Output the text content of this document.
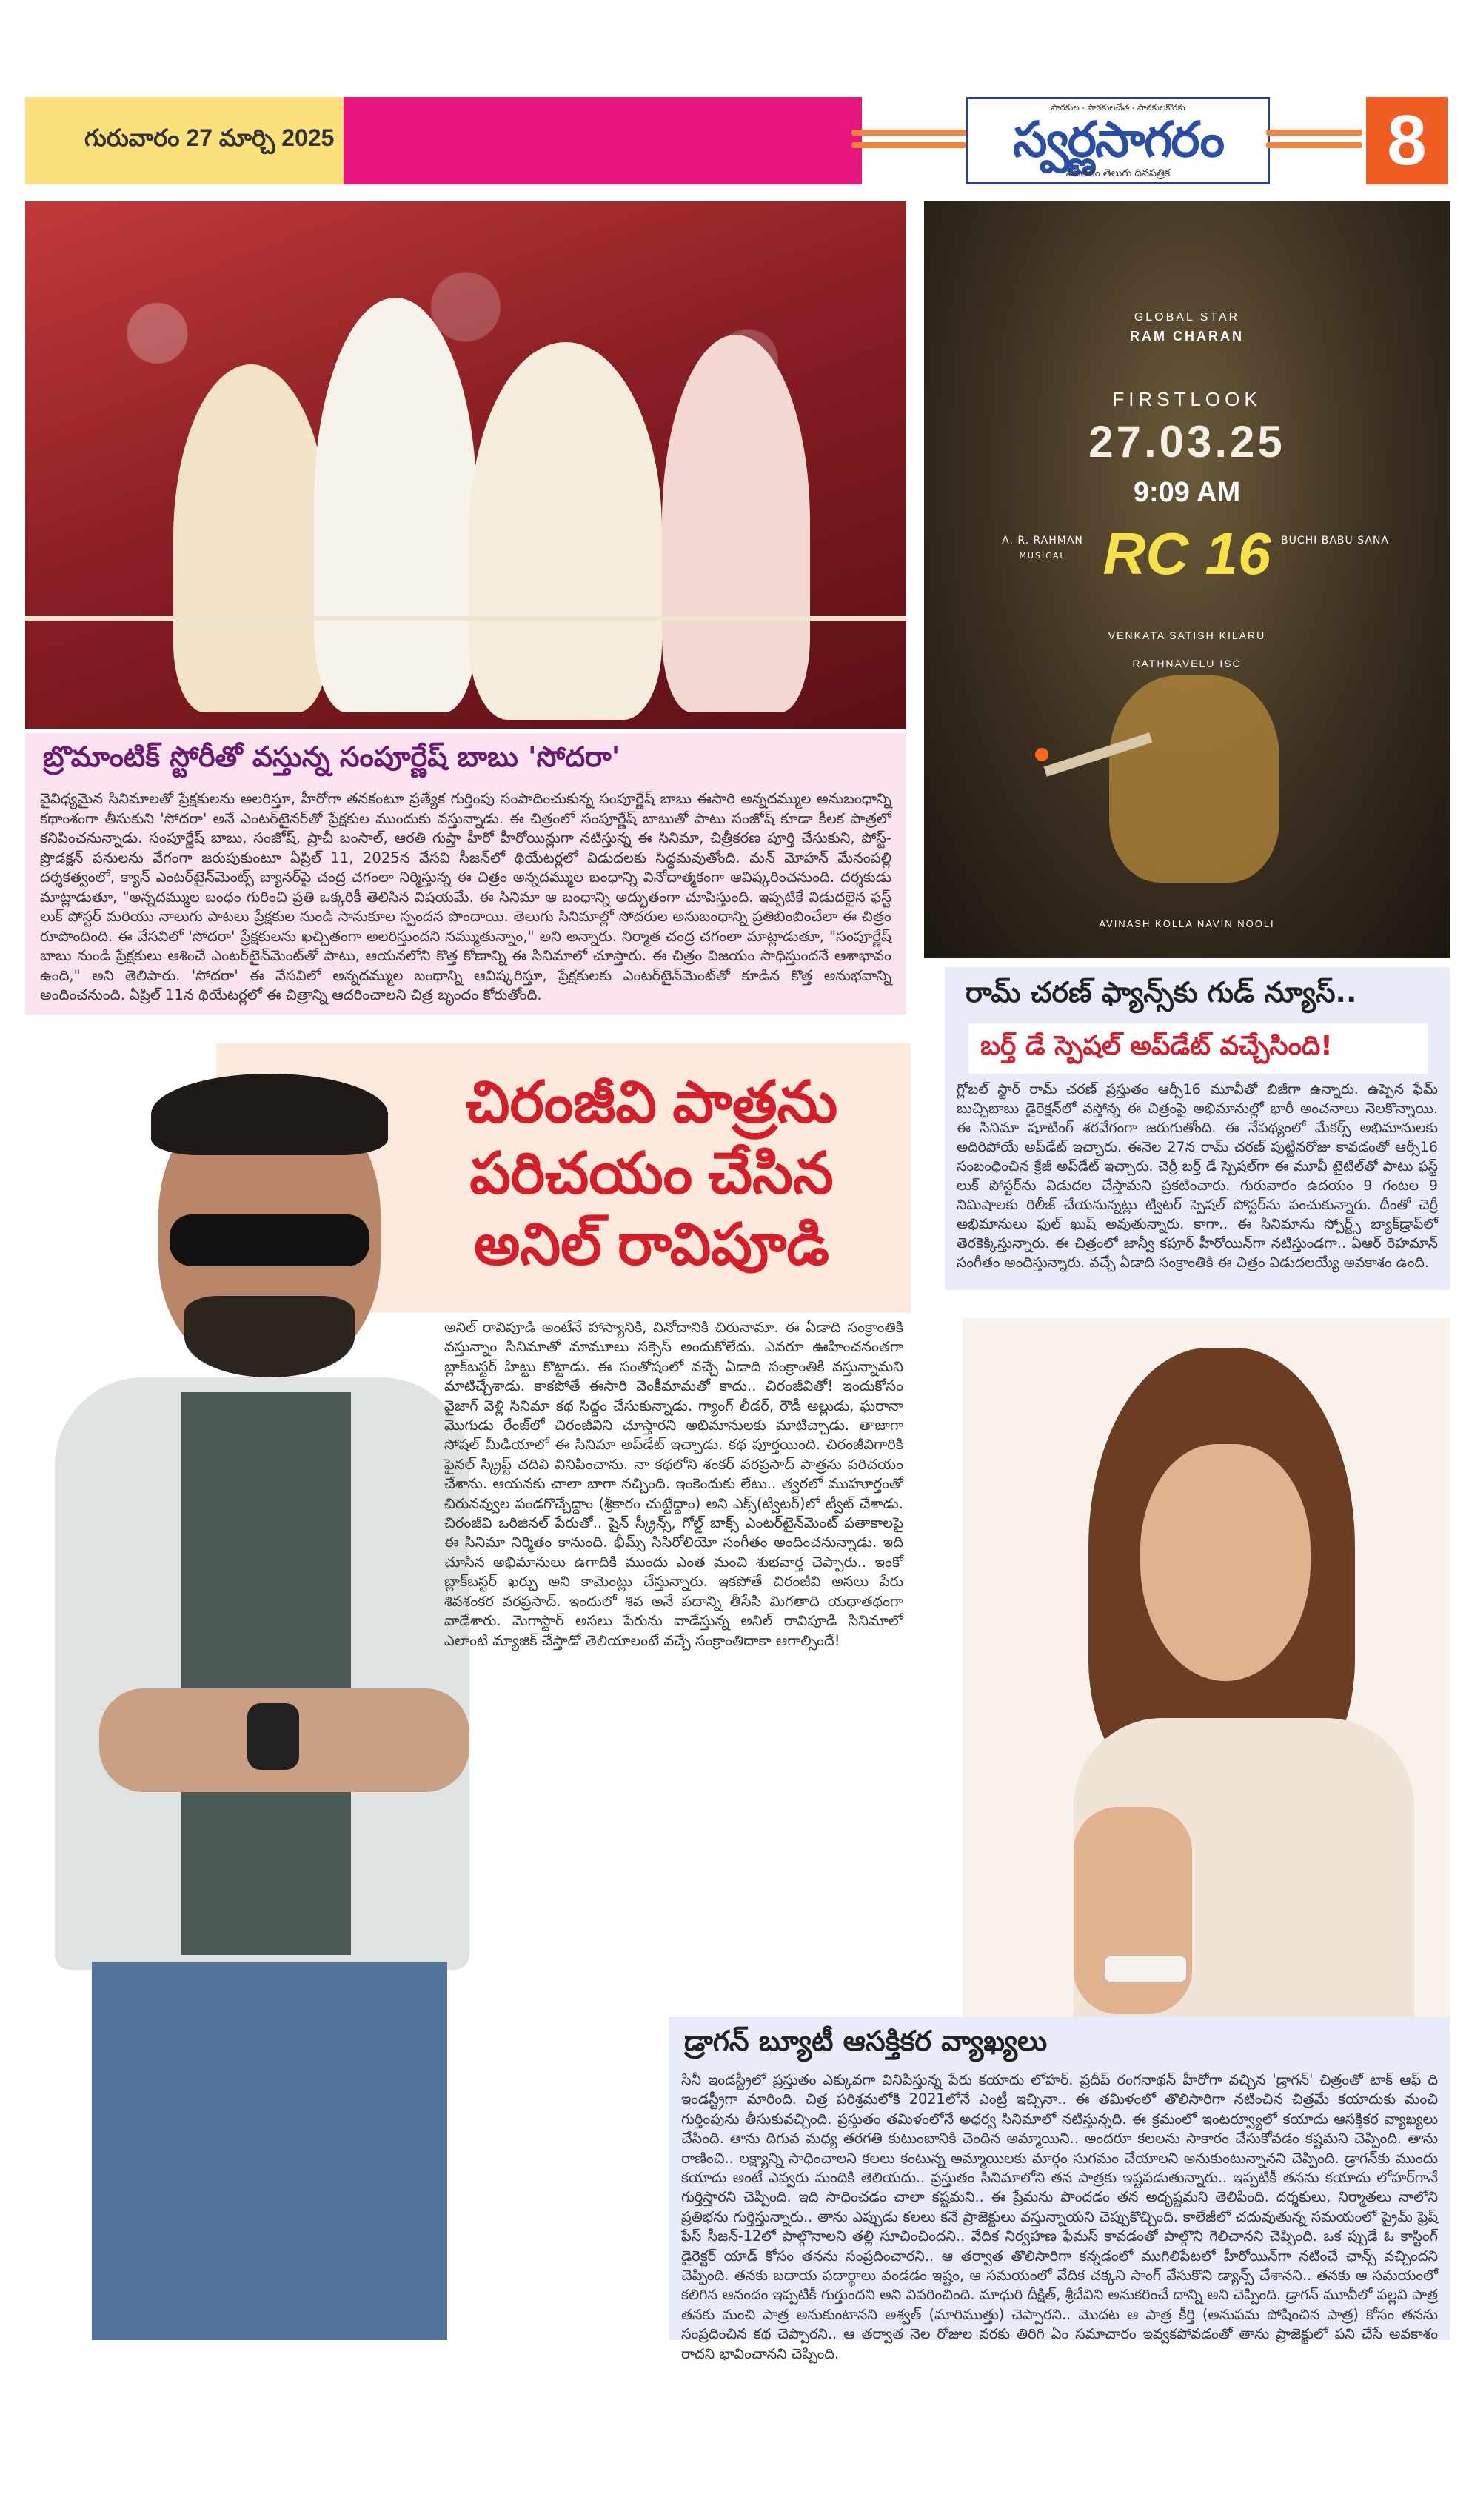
గురువారం 27 మార్చి 2025
పాఠకుల - పాఠకులచేత - పాఠకులకొరకు
స్వర్ణసాగరం
నవతరం తెలుగు దినపత్రిక	8
బ్రొమాంటిక్ స్టోరీతో వస్తున్న సంపూర్ణేష్ బాబు 'సోదరా'
వైవిధ్యమైన సినిమాలతో ప్రేక్షకులను అలరిస్తూ, హీరోగా తనకంటూ ప్రత్యేక గుర్తింపు సంపాదించుకున్న సంపూర్ణేష్ బాబు ఈసారి అన్నదమ్ముల అనుబంధాన్ని కథాంశంగా తీసుకుని 'సోదరా' అనే ఎంటర్‌టైనర్‌తో ప్రేక్షకుల ముందుకు వస్తున్నాడు. ఈ చిత్రంలో సంపూర్ణేష్ బాబుతో పాటు సంజోష్ కూడా కీలక పాత్రలో కనిపించనున్నాడు. సంపూర్ణేష్ బాబు, సంజోష్, ప్రాచీ బంసాల్, ఆరతి గుప్తా హీరో హీరోయిన్లుగా నటిస్తున్న ఈ సినిమా, చిత్రీకరణ పూర్తి చేసుకుని, పోస్ట్-ప్రొడక్షన్ పనులను వేగంగా జరుపుకుంటూ ఏప్రిల్ 11, 2025న వేసవి సీజన్‌లో థియేటర్లలో విడుదలకు సిద్ధమవుతోంది. మన్ మోహన్ మేనంపల్లి దర్శకత్వంలో, క్యాన్ ఎంటర్‌టైన్‌మెంట్స్ బ్యానర్‌పై చంద్ర చగంలా నిర్మిస్తున్న ఈ చిత్రం అన్నదమ్ముల బంధాన్ని వినోదాత్మకంగా ఆవిష్కరించనుంది. దర్శకుడు మాట్లాడుతూ, "అన్నదమ్ముల బంధం గురించి ప్రతి ఒక్కరికీ తెలిసిన విషయమే. ఈ సినిమా ఆ బంధాన్ని అద్భుతంగా చూపిస్తుంది. ఇప్పటికే విడుదలైన ఫస్ట్ లుక్ పోస్టర్ మరియు నాలుగు పాటలు ప్రేక్షకుల నుండి సానుకూల స్పందన పొందాయి. తెలుగు సినిమాల్లో సోదరుల అనుబంధాన్ని ప్రతిబింబించేలా ఈ చిత్రం రూపొందింది. ఈ వేసవిలో 'సోదరా' ప్రేక్షకులను ఖచ్చితంగా అలరిస్తుందని నమ్ముతున్నాం," అని అన్నారు. నిర్మాత చంద్ర చగంలా మాట్లాడుతూ, "సంపూర్ణేష్ బాబు నుండి ప్రేక్షకులు ఆశించే ఎంటర్‌టైన్‌మెంట్‌తో పాటు, ఆయనలోని కొత్త కోణాన్ని ఈ సినిమాలో చూస్తారు. ఈ చిత్రం విజయం సాధిస్తుందనే ఆశాభావం ఉంది," అని తెలిపారు. 'సోదరా' ఈ వేసవిలో అన్నదమ్ముల బంధాన్ని ఆవిష్కరిస్తూ, ప్రేక్షకులకు ఎంటర్‌టైన్‌మెంట్‌తో కూడిన కొత్త అనుభవాన్ని అందించనుంది. ఏప్రిల్ 11న థియేటర్లలో ఈ చిత్రాన్ని ఆదరించాలని చిత్ర బృందం కోరుతోంది.
GLOBAL STAR
RAM CHARAN
FIRSTLOOK
27.03.25
9:09 AM
A. R. RAHMAN
MUSICAL
BUCHI BABU SANA
RC 16
VENKATA SATISH KILARU
RATHNAVELU ISC
AVINASH KOLLA NAVIN NOOLI
రామ్ చరణ్ ఫ్యాన్స్‌కు గుడ్ న్యూస్..
బర్త్ డే స్పెషల్ అప్‌డేట్ వచ్చేసింది!
గ్లోబల్ స్టార్ రామ్ చరణ్ ప్రస్తుతం ఆర్సీ16 మూవీతో బిజీగా ఉన్నారు. ఉప్పెన ఫేమ్ బుచ్చిబాబు డైరెక్షన్‌లో వస్తోన్న ఈ చిత్రంపై అభిమానుల్లో భారీ అంచనాలు నెలకొన్నాయి. ఈ సినిమా షూటింగ్ శరవేగంగా జరుగుతోంది. ఈ నేపథ్యంలో మేకర్స్ అభిమానులకు అదిరిపోయే అప్‌డేట్ ఇచ్చారు. ఈనెల 27న రామ్ చరణ్ పుట్టినరోజు కావడంతో ఆర్సీ16 సంబంధించిన క్రేజీ అప్‌డేట్ ఇచ్చారు. చెర్రీ బర్త్ డే స్పెషల్‌గా ఈ మూవీ టైటిల్‌తో పాటు ఫస్ట్ లుక్ పోస్టర్‌ను విడుదల చేస్తామని ప్రకటించారు. గురువారం ఉదయం 9 గంటల 9 నిమిషాలకు రిలీజ్ చేయనున్నట్లు ట్విటర్ స్పెషల్ పోస్టర్‌ను పంచుకున్నారు. దీంతో చెర్రీ అభిమానులు ఫుల్ ఖుష్ అవుతున్నారు. కాగా.. ఈ సినిమాను స్పోర్ట్స్ బ్యాక్‌డ్రాప్‌లో తెరకెక్కిస్తున్నారు. ఈ చిత్రంలో జాన్వీ కపూర్ హీరోయిన్‌గా నటిస్తుండగా.. ఏఆర్ రెహమాన్ సంగీతం అందిస్తున్నారు. వచ్చే ఏడాది సంక్రాంతికి ఈ చిత్రం విడుదలయ్యే అవకాశం ఉంది.
చిరంజీవి పాత్రను పరిచయం చేసిన అనిల్ రావిపూడి
అనిల్ రావిపూడి అంటేనే హాస్యానికి, వినోదానికి చిరునామా. ఈ ఏడాది సంక్రాంతికి వస్తున్నాం సినిమాతో మామూలు సక్సెస్ అందుకోలేదు. ఎవరూ ఊహించనంతగా బ్లాక్‌బస్టర్ హిట్టు కొట్టాడు. ఈ సంతోషంలో వచ్చే ఏడాది సంక్రాంతికి వస్తున్నామని మాటిచ్చేశాడు. కాకపోతే ఈసారి వెంకీమామతో కాదు.. చిరంజీవితో! ఇందుకోసం వైజాగ్ వెళ్లి సినిమా కథ సిద్ధం చేసుకున్నాడు. గ్యాంగ్ లీడర్, రౌడీ అల్లుడు, ఘరానా మొగుడు రేంజ్‌లో చిరంజీవిని చూస్తారని అభిమానులకు మాటిచ్చాడు. తాజాగా సోషల్ మీడియాలో ఈ సినిమా అప్‌డేట్ ఇచ్చాడు. కథ పూర్తయింది. చిరంజీవిగారికి ఫైనల్ స్క్రిప్ట్ చదివి వినిపించాను. నా కథలోని శంకర్ వరప్రసాద్ పాత్రను పరిచయం చేశాను. ఆయనకు చాలా బాగా నచ్చింది. ఇంకెందుకు లేటు.. త్వరలో ముహూర్తంతో చిరునవ్వుల పండగొచ్చేద్దాం (శ్రీకారం చుట్టేద్దాం) అని ఎక్స్(ట్విటర్)లో ట్వీట్ చేశాడు. చిరంజీవి ఒరిజినల్ పేరుతో.. షైన్ స్క్రీన్స్, గోల్డ్ బాక్స్ ఎంటర్‌టైన్‌మెంట్ పతాకాలపై ఈ సినిమా నిర్మితం కానుంది. భీమ్స్ సిసిరోలియో సంగీతం అందించనున్నాడు. ఇది చూసిన అభిమానులు ఉగాదికి ముందు ఎంత మంచి శుభవార్త చెప్పారు.. ఇంకో బ్లాక్‌బస్టర్ ఖర్చు అని కామెంట్లు చేస్తున్నారు. ఇకపోతే చిరంజీవి అసలు పేరు శివశంకర వరప్రసాద్. ఇందులో శివ అనే పదాన్ని తీసేసి మిగతాది యథాతథంగా వాడేశారు. మెగాస్టార్ అసలు పేరును వాడేస్తున్న అనిల్ రావిపూడి సినిమాలో ఎలాంటి మ్యాజిక్ చేస్తాడో తెలియాలంటే వచ్చే సంక్రాంతిదాకా ఆగాల్సిందే!
డ్రాగన్ బ్యూటీ ఆసక్తికర వ్యాఖ్యలు
సినీ ఇండస్ట్రీలో ప్రస్తుతం ఎక్కువగా వినిపిస్తున్న పేరు కయాదు లోహర్. ప్రదీప్ రంగనాథన్ హీరోగా వచ్చిన 'డ్రాగన్' చిత్రంతో టాక్ ఆఫ్ ది ఇండస్ట్రీగా మారింది. చిత్ర పరిశ్రమలోకి 2021లోనే ఎంట్రీ ఇచ్చినా.. ఈ తమిళంలో తొలిసారిగా నటించిన చిత్రమే కయాదుకు మంచి గుర్తింపును తీసుకువచ్చింది. ప్రస్తుతం తమిళంలోనే అధర్వ సినిమాలో నటిస్తున్నది. ఈ క్రమంలో ఇంటర్వ్యూలో కయాదు ఆసక్తికర వ్యాఖ్యలు చేసింది. తాను దిగువ మధ్య తరగతి కుటుంబానికి చెందిన అమ్మాయిని.. అందరూ కలలను సాకారం చేసుకోవడం కష్టమని చెప్పింది. తాను రాణించి.. లక్ష్యాన్ని సాధించాలని కలలు కంటున్న అమ్మాయిలకు మార్గం సుగమం చేయాలని అనుకుంటున్నానని చెప్పింది. డ్రాగన్‌కు ముందు కయాదు అంటే ఎవ్వరు మందికి తెలియదు.. ప్రస్తుతం సినిమాలోని తన పాత్రకు ఇష్టపడుతున్నారు.. ఇప్పటికీ తనను కయాదు లోహర్‌గానే గుర్తిస్తారని చెప్పింది. ఇది సాధించడం చాలా కష్టమని.. ఈ ప్రేమను పొందడం తన అదృష్టమని తెలిపింది. దర్శకులు, నిర్మాతలు నాలోని ప్రతిభను గుర్తిస్తున్నారు.. తాను ఎప్పుడు కలలు కనే ప్రాజెక్టులు వస్తున్నాయని చెప్పుకొచ్చింది. కాలేజీలో చదువుతున్న సమయంలో ప్రైమ్ ఫ్రెష్ ఫేస్ సీజన్-12లో పాల్గొనాలని తల్లి సూచించిందని.. వేదిక నిర్వహణ ఫేమస్ కావడంతో పాల్గొని గెలిచానని చెప్పింది. ఒక ప్పుడే ఓ కాస్టింగ్ డైరెక్టర్ యాడ్ కోసం తనను సంప్రదించారని.. ఆ తర్వాత తొలిసారిగా కన్నడంలో ముగిలిపేటలో హీరోయిన్‌గా నటించే ఛాన్స్ వచ్చిందని చెప్పింది. తనకు బదాయ పదార్థాలు వండడం ఇష్టం, ఆ సమయంలో వేదిక చక్కని సాంగ్ వేసుకొని డ్యాన్స్ చేశానని.. తనకు ఆ సమయంలో కలిగిన ఆనందం ఇప్పటికీ గుర్తుందని అని వివరించింది. మాధురి దీక్షిత్, శ్రీదేవిని అనుకరించే దాన్ని అని చెప్పింది. డ్రాగన్ మూవీలో పల్లవి పాత్ర తనకు మంచి పాత్ర అనుకుంటానని అశ్వత్ (మారిముత్తు) చెప్పారని.. మొదట ఆ పాత్ర కీర్తి (అనుపమ పోషించిన పాత్ర) కోసం తనను సంప్రదించిన కథ చెప్పారని.. ఆ తర్వాత నెల రోజుల వరకు తిరిగి ఏం సమాచారం ఇవ్వకపోవడంతో తాను ప్రాజెక్టులో పని చేసే అవకాశం రాదని భావించానని చెప్పింది.
